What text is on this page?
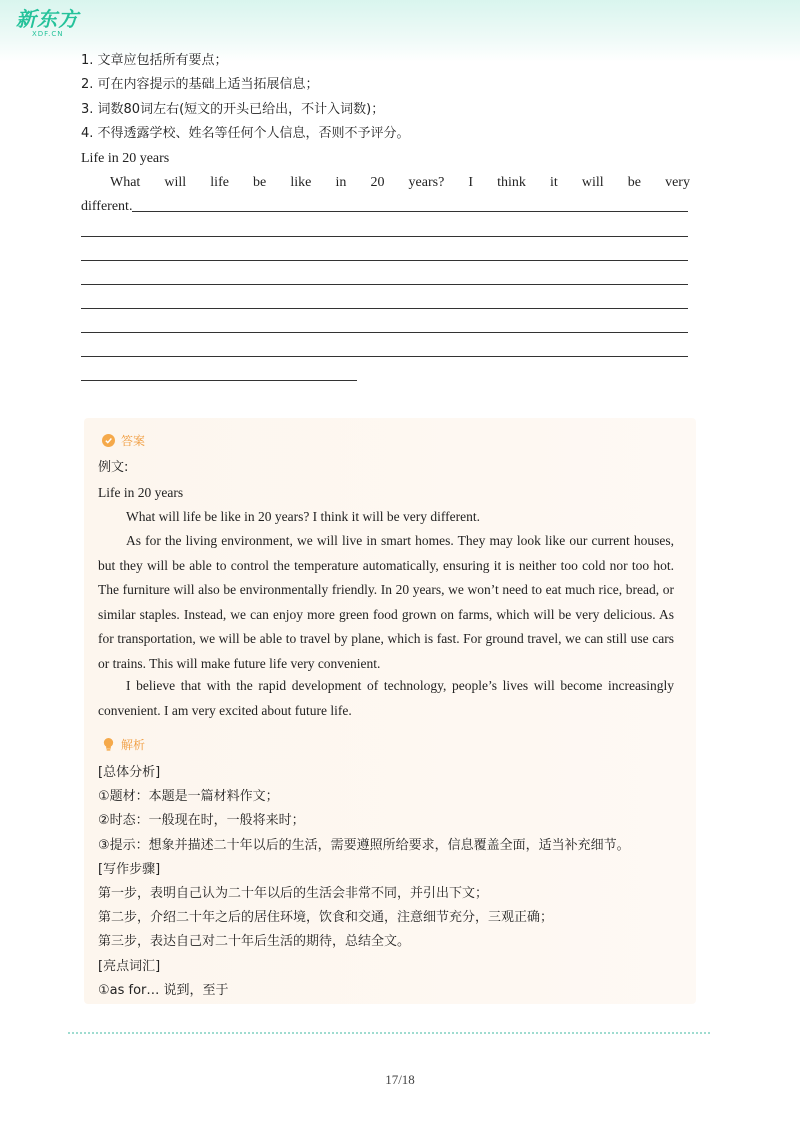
新东方
XDF.CN
1. 文章应包括所有要点；
2. 可在内容提示的基础上适当拓展信息；
3. 词数80词左右(短文的开头已给出，不计入词数)；
4. 不得透露学校、姓名等任何个人信息，否则不予评分。
Life in 20 years
What will life be like in 20 years? I think it will be very
different.
答案
例文:
Life in 20 years
What will life be like in 20 years? I think it will be very different.
As for the living environment, we will live in smart homes. They may look like our current houses, but they will be able to control the temperature automatically, ensuring it is neither too cold nor too hot. The furniture will also be environmentally friendly. In 20 years, we won’t need to eat much rice, bread, or similar staples. Instead, we can enjoy more green food grown on farms, which will be very delicious. As for transportation, we will be able to travel by plane, which is fast. For ground travel, we can still use cars or trains. This will make future life very convenient.
I believe that with the rapid development of technology, people’s lives will become increasingly convenient. I am very excited about future life.
解析
[总体分析]
①题材：本题是一篇材料作文；
②时态：一般现在时，一般将来时；
③提示：想象并描述二十年以后的生活，需要遵照所给要求，信息覆盖全面，适当补充细节。
[写作步骤]
第一步，表明自己认为二十年以后的生活会非常不同，并引出下文；
第二步，介绍二十年之后的居住环境，饮食和交通，注意细节充分，三观正确；
第三步，表达自己对二十年后生活的期待，总结全文。
[亮点词汇]
①as for… 说到，至于
17/18
